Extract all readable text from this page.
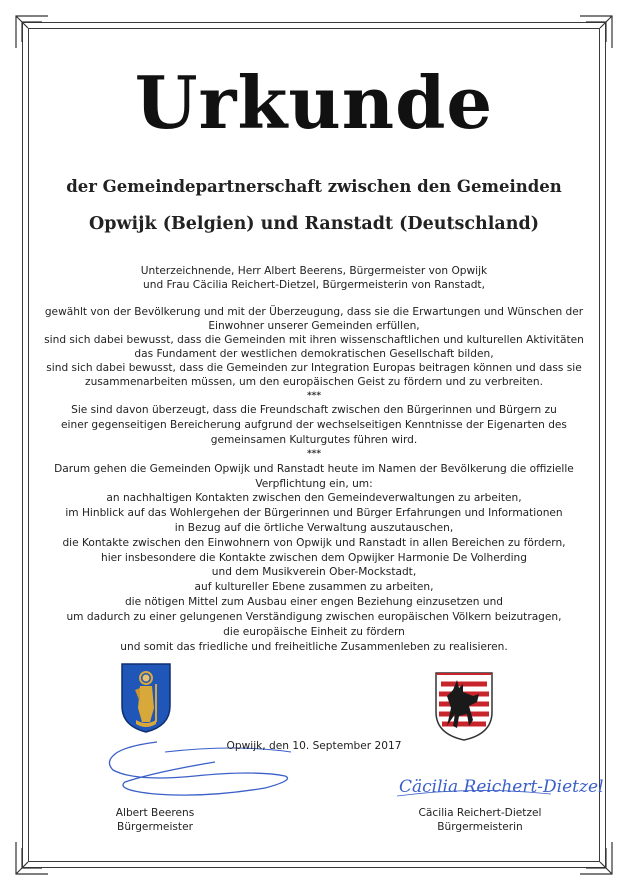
Urkunde
der Gemeindepartnerschaft zwischen den Gemeinden
Opwijk (Belgien) und Ranstadt (Deutschland)
Unterzeichnende, Herr Albert Beerens, Bürgermeister von Opwijk
und Frau Cäcilia Reichert-Dietzel, Bürgermeisterin von Ranstadt,
gewählt von der Bevölkerung und mit der Überzeugung, dass sie die Erwartungen und Wünschen der
Einwohner unserer Gemeinden erfüllen,
sind sich dabei bewusst, dass die Gemeinden mit ihren wissenschaftlichen und kulturellen Aktivitäten
das Fundament der westlichen demokratischen Gesellschaft bilden,
sind sich dabei bewusst, dass die Gemeinden zur Integration Europas beitragen können und dass sie
zusammenarbeiten müssen, um den europäischen Geist zu fördern und zu verbreiten.
***
Sie sind davon überzeugt, dass die Freundschaft zwischen den Bürgerinnen und Bürgern zu
einer gegenseitigen Bereicherung aufgrund der wechselseitigen Kenntnisse der Eigenarten des
gemeinsamen Kulturgutes führen wird.
***
Darum gehen die Gemeinden Opwijk und Ranstadt heute im Namen der Bevölkerung die offizielle
Verpflichtung ein, um:
an nachhaltigen Kontakten zwischen den Gemeindeverwaltungen zu arbeiten,
im Hinblick auf das Wohlergehen der Bürgerinnen und Bürger Erfahrungen und Informationen
in Bezug auf die örtliche Verwaltung auszutauschen,
die Kontakte zwischen den Einwohnern von Opwijk und Ranstadt in allen Bereichen zu fördern,
hier insbesondere die Kontakte zwischen dem Opwijker Harmonie De Volherding
und dem Musikverein Ober-Mockstadt,
auf kultureller Ebene zusammen zu arbeiten,
die nötigen Mittel zum Ausbau einer engen Beziehung einzusetzen und
um dadurch zu einer gelungenen Verständigung zwischen europäischen Völkern beizutragen,
die europäische Einheit zu fördern
und somit das friedliche und freiheitliche Zusammenleben zu realisieren.
Cäcilia Reichert-Dietzel
Opwijk, den 10. September 2017
Albert Beerens
Bürgermeister
Cäcilia Reichert-Dietzel
Bürgermeisterin
